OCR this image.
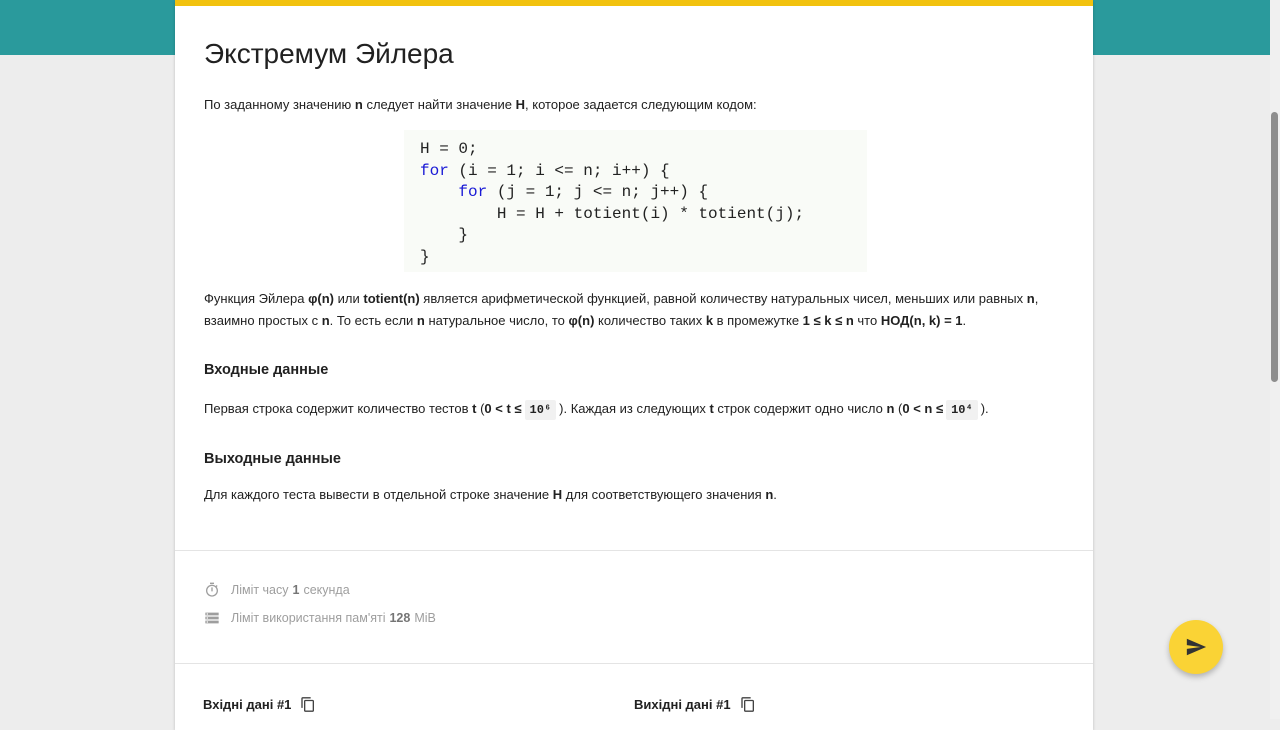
Экстремум Эйлера
По заданному значению n следует найти значение H, которое задается следующим кодом:
H = 0;
for (i = 1; i <= n; i++) {
for (j = 1; j <= n; j++) {
H = H + totient(i) * totient(j);
}
}
Функция Эйлера φ(n) или totient(n) является арифметической функцией, равной количеству натуральных чисел, меньших или равных n,
взаимно простых с n. То есть если n натуральное число, то φ(n) количество таких k в промежутке 1 ≤ k ≤ n что НОД(n, k) = 1.
Входные данные
Первая строка содержит количество тестов t (0 < t ≤ 10⁶ ). Каждая из следующих t строк содержит одно число n (0 < n ≤ 10⁴ ).
Выходные данные
Для каждого теста вывести в отдельной строке значение H для соответствующего значения n.
Ліміт часу 1 секунда
Ліміт використання пам'яті 128 MiB
Вхідні дані #1	Вихідні дані #1
